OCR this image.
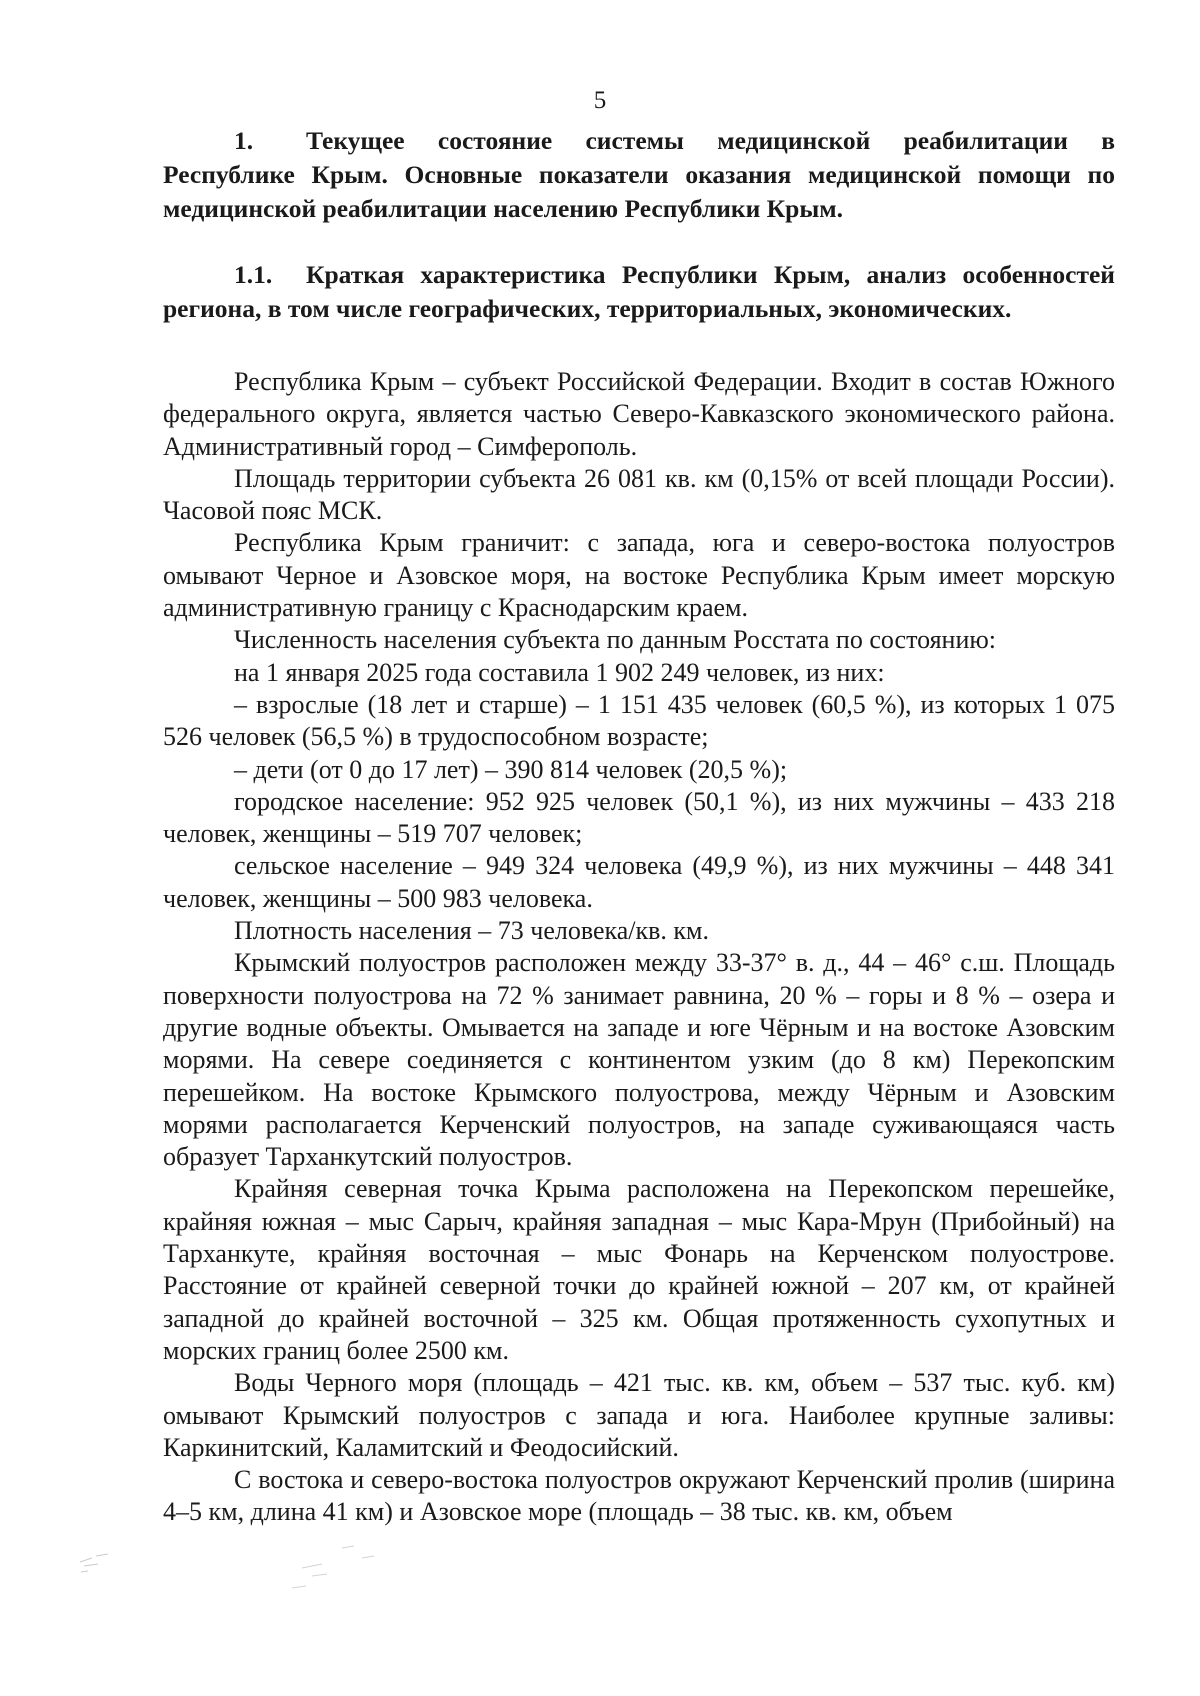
5

1. Текущее состояние системы медицинской реабилитации в Республике Крым. Основные показатели оказания медицинской помощи по медицинской реабилитации населению Республики Крым.

1.1. Краткая характеристика Республики Крым, анализ особенностей региона, в том числе географических, территориальных, экономических.

Республика Крым – субъект Российской Федерации. Входит в состав Южного федерального округа, является частью Северо-Кавказского экономического района. Административный город – Симферополь.

Площадь территории субъекта 26 081 кв. км (0,15% от всей площади России). Часовой пояс МСК.

Республика Крым граничит: с запада, юга и северо-востока полуостров омывают Черное и Азовское моря, на востоке Республика Крым имеет морскую административную границу с Краснодарским краем.

Численность населения субъекта по данным Росстата по состоянию:

на 1 января 2025 года составила 1 902 249 человек, из них:

– взрослые (18 лет и старше) – 1 151 435 человек (60,5 %), из которых 1 075 526 человек (56,5 %) в трудоспособном возрасте;

– дети (от 0 до 17 лет) – 390 814 человек (20,5 %);

городское население: 952 925 человек (50,1 %), из них мужчины – 433 218 человек, женщины – 519 707 человек;

сельское население – 949 324 человека (49,9 %), из них мужчины – 448 341 человек, женщины – 500 983 человека.

Плотность населения – 73 человека/кв. км.

Крымский полуостров расположен между 33-37° в. д., 44 – 46° с.ш. Площадь поверхности полуострова на 72 % занимает равнина, 20 % – горы и 8 % – озера и другие водные объекты. Омывается на западе и юге Чёрным и на востоке Азовским морями. На севере соединяется с континентом узким (до 8 км) Перекопским перешейком. На востоке Крымского полуострова, между Чёрным и Азовским морями располагается Керченский полуостров, на западе суживающаяся часть образует Тарханкутский полуостров.

Крайняя северная точка Крыма расположена на Перекопском перешейке, крайняя южная – мыс Сарыч, крайняя западная – мыс Кара-Мрун (Прибойный) на Тарханкуте, крайняя восточная – мыс Фонарь на Керченском полуострове. Расстояние от крайней северной точки до крайней южной – 207 км, от крайней западной до крайней восточной – 325 км. Общая протяженность сухопутных и морских границ более 2500 км.

Воды Черного моря (площадь – 421 тыс. кв. км, объем – 537 тыс. куб. км) омывают Крымский полуостров с запада и юга. Наиболее крупные заливы: Каркинитский, Каламитский и Феодосийский.

С востока и северо-востока полуостров окружают Керченский пролив (ширина 4–5 км, длина 41 км) и Азовское море (площадь – 38 тыс. кв. км, объем
